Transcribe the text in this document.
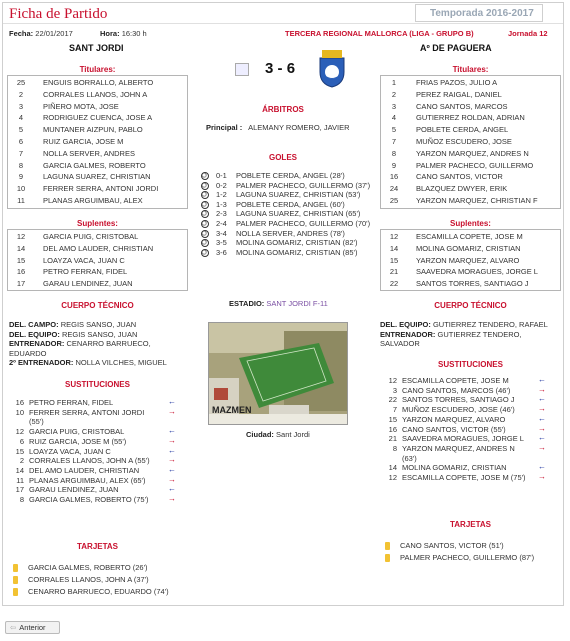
Ficha de Partido	Temporada 2016-2017
Fecha: 22/01/2017	Hora: 16:30 h	TERCERA REGIONAL MALLORCA (LIGA - GRUPO B)	Jornada 12
SANT JORDI	Aº DE PAGUERA
3 - 6
Titulares:
25	ENGUIS BORRALLO, ALBERTO
2	CORRALES LLANOS, JOHN A
3	PIÑERO MOTA, JOSE
4	RODRIGUEZ CUENCA, JOSE A
5	MUNTANER AIZPUN, PABLO
6	RUIZ GARCIA, JOSE M
7	NOLLA SERVER, ANDRES
8	GARCIA GALMES, ROBERTO
9	LAGUNA SUAREZ, CHRISTIAN
10	FERRER SERRA, ANTONI JORDI
11	PLANAS ARGUIMBAU, ALEX
Suplentes:
12	GARCIA PUIG, CRISTOBAL
14	DEL AMO LAUDER, CHRISTIAN
15	LOAYZA VACA, JUAN C
16	PETRO FERRAN, FIDEL
17	GARAU LENDINEZ, JUAN
CUERPO TÉCNICO
DEL. CAMPO: REGIS SANSO, JUAN
DEL. EQUIPO: REGIS SANSO, JUAN
ENTRENADOR: CENARRO BARRUECO,
EDUARDO
2º ENTRENADOR: NOLLA VILCHES, MIGUEL
SUSTITUCIONES
16 PETRO FERRAN, FIDEL	←
10 FERRER SERRA, ANTONI JORDI	→
(55')
12 GARCIA PUIG, CRISTOBAL	←
6 RUIZ GARCIA, JOSE M (55')	→
15 LOAYZA VACA, JUAN C	←
2 CORRALES LLANOS, JOHN A (55') →
14 DEL AMO LAUDER, CHRISTIAN	←
11 PLANAS ARGUIMBAU, ALEX (65')	→
17 GARAU LENDINEZ, JUAN	←
8 GARCIA GALMES, ROBERTO (75') →
TARJETAS
GARCIA GALMES, ROBERTO (26')
CORRALES LLANOS, JOHN A (37')
CENARRO BARRUECO, EDUARDO (74')
ÁRBITROS
Principal : ALEMANY ROMERO, JAVIER
GOLES
0-1 POBLETE CERDA, ANGEL (28')
0-2 PALMER PACHECO, GUILLERMO (37')
1-2 LAGUNA SUAREZ, CHRISTIAN (53')
1-3 POBLETE CERDA, ANGEL (60')
2-3 LAGUNA SUAREZ, CHRISTIAN (65')
2-4 PALMER PACHECO, GUILLERMO (70')
3-4 NOLLA SERVER, ANDRES (78')
3-5 MOLINA GOMARIZ, CRISTIAN (82')
3-6 MOLINA GOMARIZ, CRISTIAN (85')
ESTADIO: SANT JORDI F-11
MAZMEN
Ciudad: Sant Jordi
Titulares:
1	FRIAS PAZOS, JULIO A
2	PEREZ RAIGAL, DANIEL
3	CANO SANTOS, MARCOS
4	GUTIERREZ ROLDAN, ADRIAN
5	POBLETE CERDA, ANGEL
7	MUÑOZ ESCUDERO, JOSE
8	YARZON MARQUEZ, ANDRES N
9	PALMER PACHECO, GUILLERMO
16	CANO SANTOS, VICTOR
24	BLAZQUEZ DWYER, ERIK
25	YARZON MARQUEZ, CHRISTIAN F
Suplentes:
12	ESCAMILLA COPETE, JOSE M
14	MOLINA GOMARIZ, CRISTIAN
15	YARZON MARQUEZ, ALVARO
21	SAAVEDRA MORAGUES, JORGE L
22	SANTOS TORRES, SANTIAGO J
CUERPO TÉCNICO
DEL. EQUIPO: GUTIERREZ TENDERO, RAFAEL
ENTRENADOR: GUTIERREZ TENDERO,
SALVADOR
SUSTITUCIONES
12 ESCAMILLA COPETE, JOSE M	←
3 CANO SANTOS, MARCOS (46')	→
22 SANTOS TORRES, SANTIAGO J	←
7 MUÑOZ ESCUDERO, JOSE (46')	→
15 YARZON MARQUEZ, ALVARO	←
16 CANO SANTOS, VICTOR (55')	→
21 SAAVEDRA MORAGUES, JORGE L ←
8 YARZON MARQUEZ, ANDRES N	→
(63')
14 MOLINA GOMARIZ, CRISTIAN	←
12 ESCAMILLA COPETE, JOSE M (75') →
TARJETAS
CANO SANTOS, VICTOR (51')
PALMER PACHECO, GUILLERMO (87')
⇦ Anterior
